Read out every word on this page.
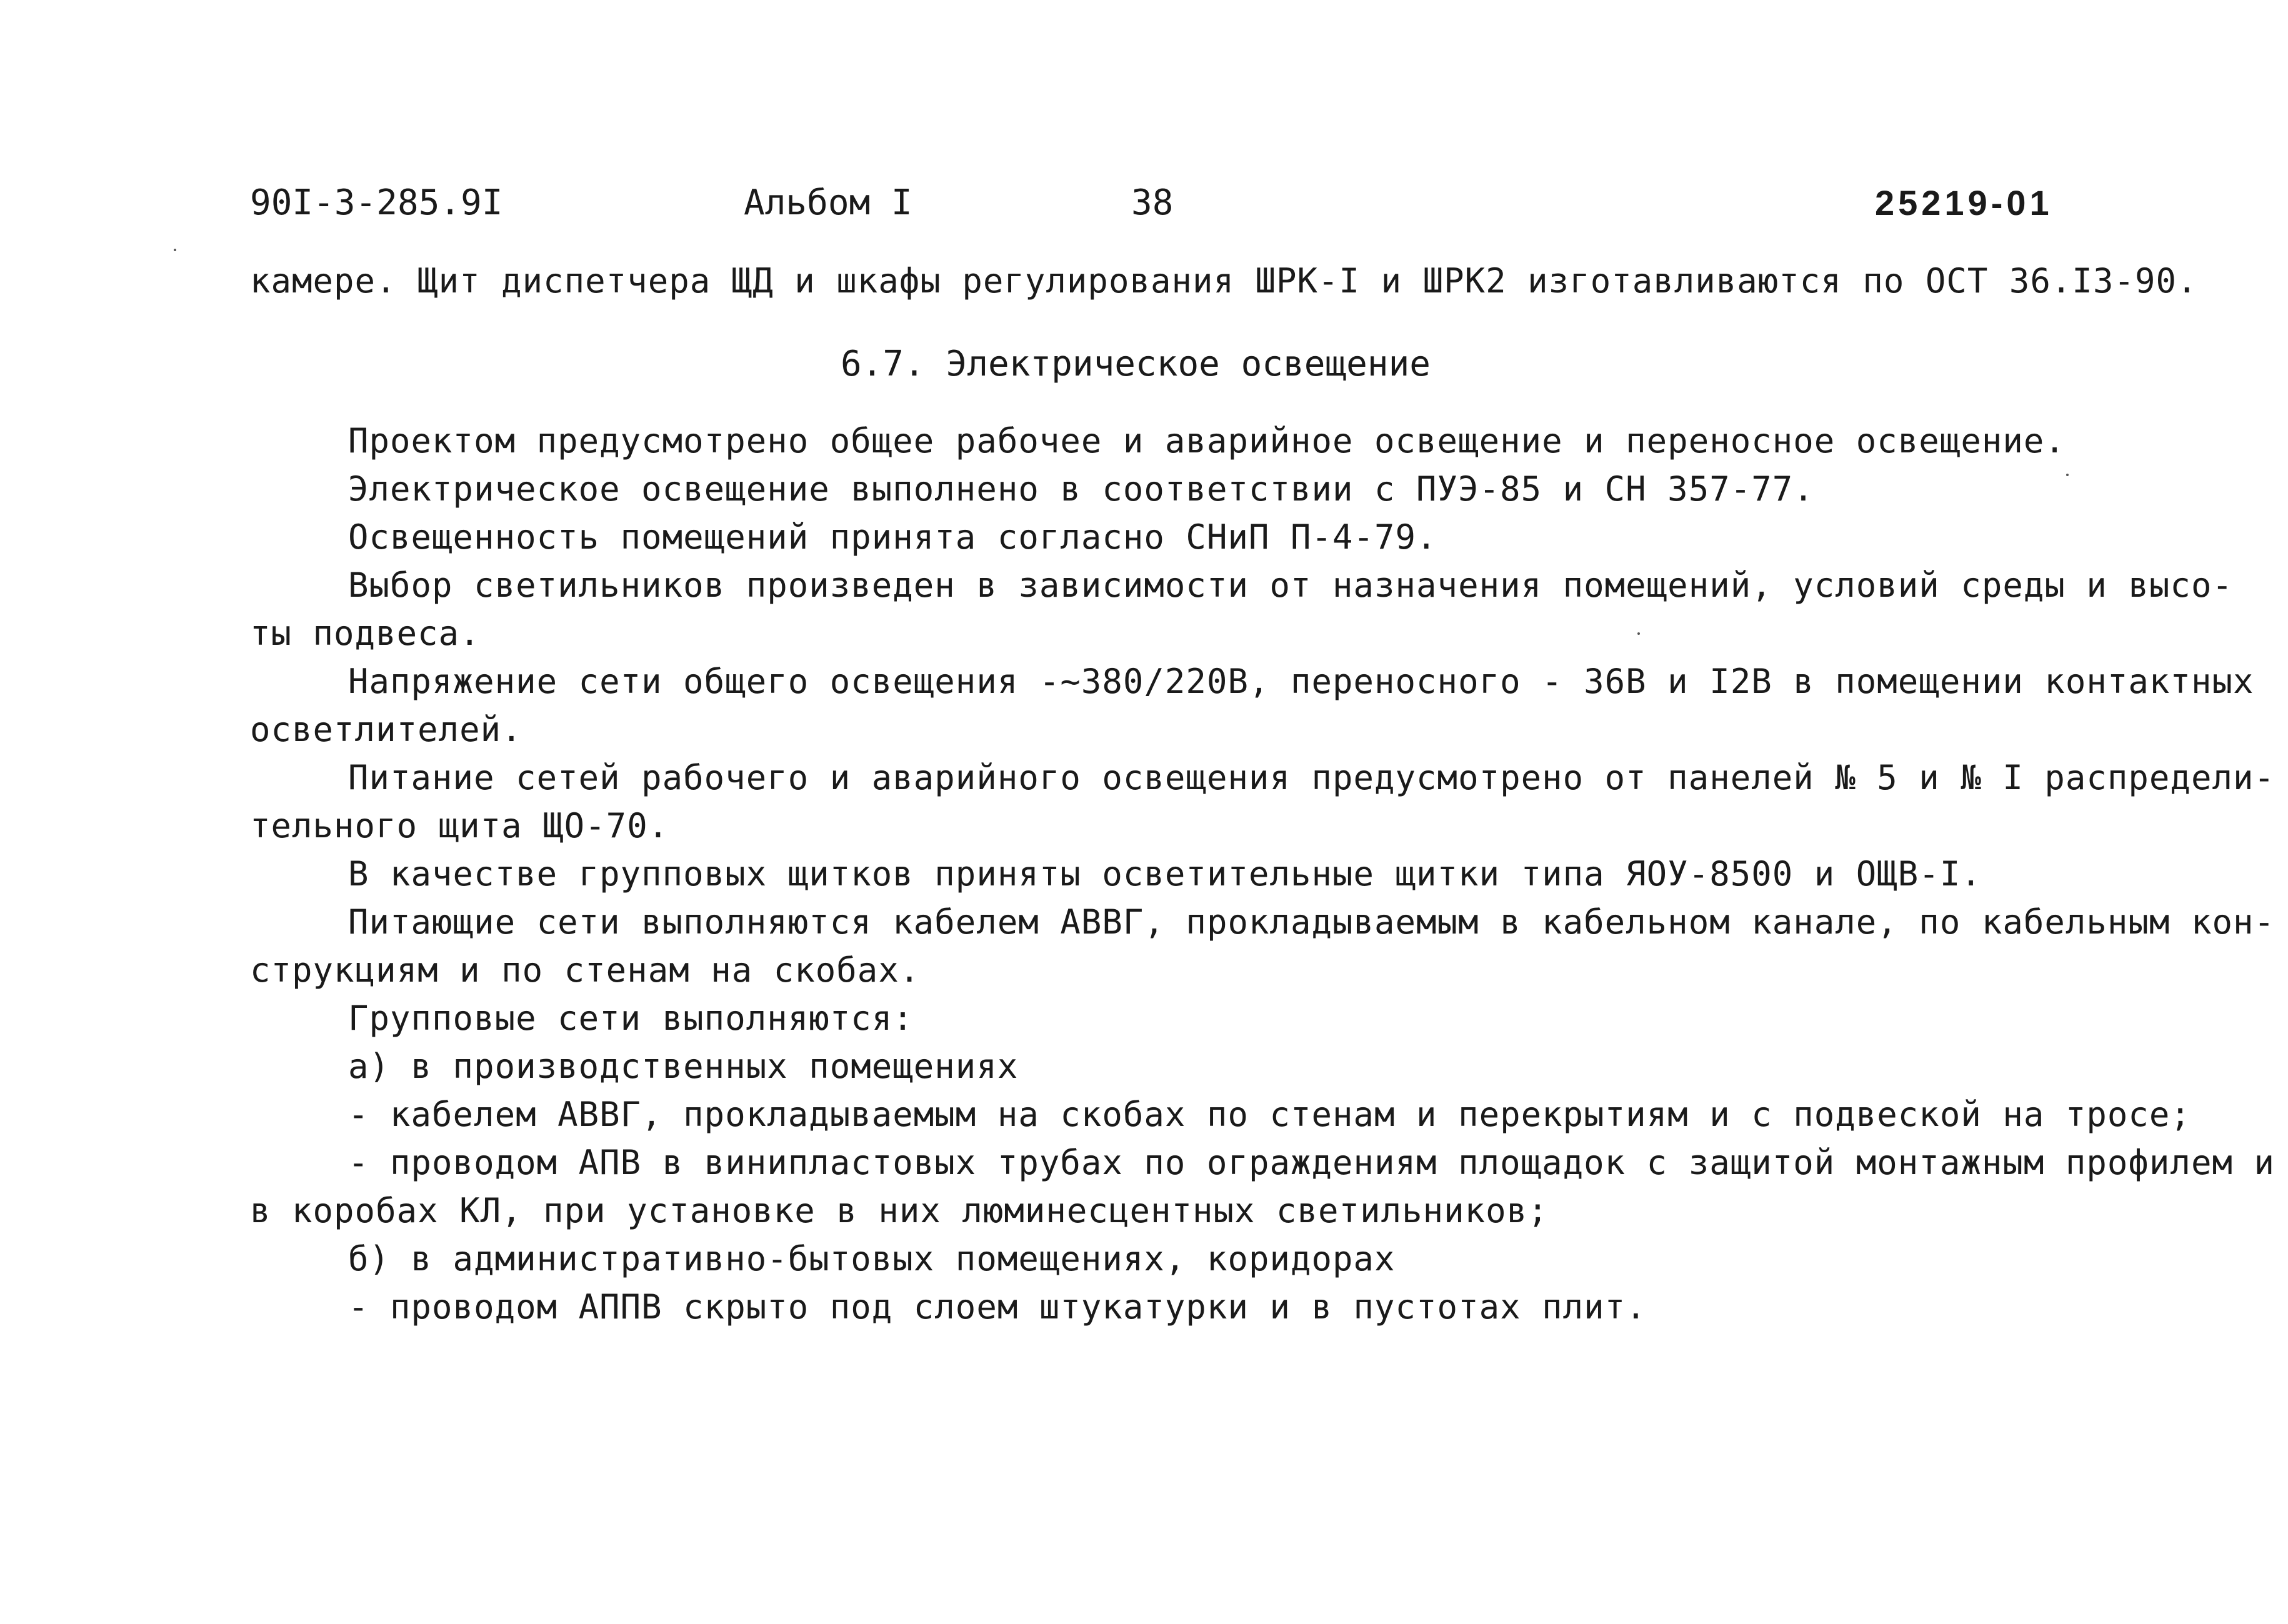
90I-3-285.9I	Альбом I	38	25219-01
камере. Щит диспетчера ЩД и шкафы регулирования ШРК-I и ШРК2 изготавливаются по ОСТ 36.I3-90.
6.7. Электрическое освещение
Проектом предусмотрено общее рабочее и аварийное освещение и переносное освещение.
Электрическое освещение выполнено в соответствии с ПУЭ-85 и СН 357-77.
Освещенность помещений принята согласно СНиП П-4-79.
Выбор светильников произведен в зависимости от назначения помещений, условий среды и высо-
ты подвеса.
Напряжение сети общего освещения -~380/220В, переносного - 36В и I2В в помещении контактных
осветлителей.
Питание сетей рабочего и аварийного освещения предусмотрено от панелей № 5 и № I распредели-
тельного щита ЩО-70.
В качестве групповых щитков приняты осветительные щитки типа ЯОУ-8500 и ОЩВ-I.
Питающие сети выполняются кабелем АВВГ, прокладываемым в кабельном канале, по кабельным кон-
струкциям и по стенам на скобах.
Групповые сети выполняются:
а) в производственных помещениях
- кабелем АВВГ, прокладываемым на скобах по стенам и перекрытиям и с подвеской на тросе;
- проводом АПВ в винипластовых трубах по ограждениям площадок с защитой монтажным профилем и
в коробах КЛ, при установке в них люминесцентных светильников;
б) в административно-бытовых помещениях, коридорах
- проводом АППВ скрыто под слоем штукатурки и в пустотах плит.
